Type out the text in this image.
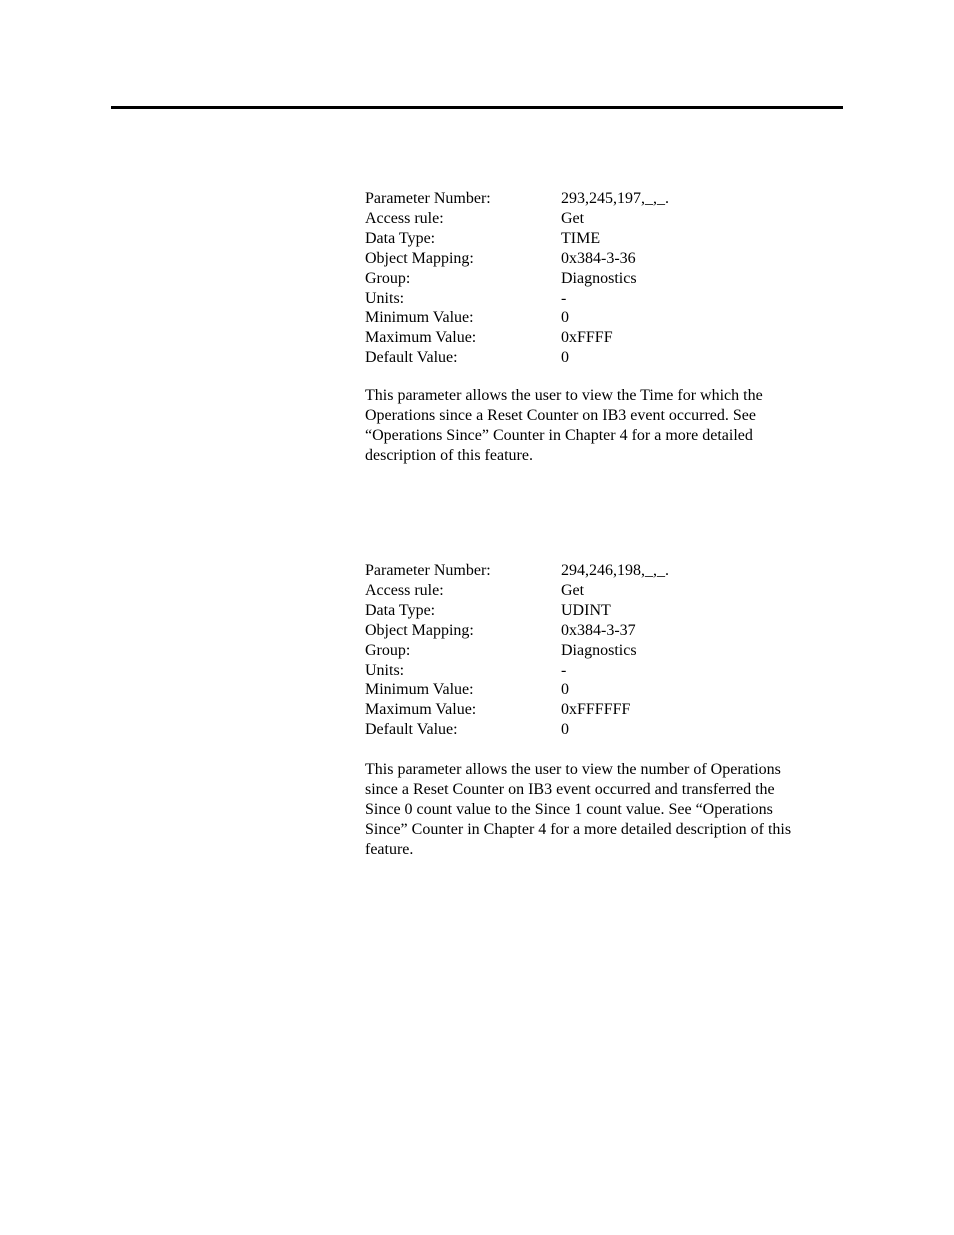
Parameter Number:	293,245,197,_,_.
Access rule:	Get
Data Type:	TIME
Object Mapping:	0x384-3-36
Group:	Diagnostics
Units:	-
Minimum Value:	0
Maximum Value:	0xFFFF
Default Value:	0
This parameter allows the user to view the Time for which the
Operations since a Reset Counter on IB3 event occurred. See
“Operations Since” Counter in Chapter 4 for a more detailed
description of this feature.
Parameter Number:	294,246,198,_,_.
Access rule:	Get
Data Type:	UDINT
Object Mapping:	0x384-3-37
Group:	Diagnostics
Units:	-
Minimum Value:	0
Maximum Value:	0xFFFFFF
Default Value:	0
This parameter allows the user to view the number of Operations
since a Reset Counter on IB3 event occurred and transferred the
Since 0 count value to the Since 1 count value. See “Operations
Since” Counter in Chapter 4 for a more detailed description of this
feature.
